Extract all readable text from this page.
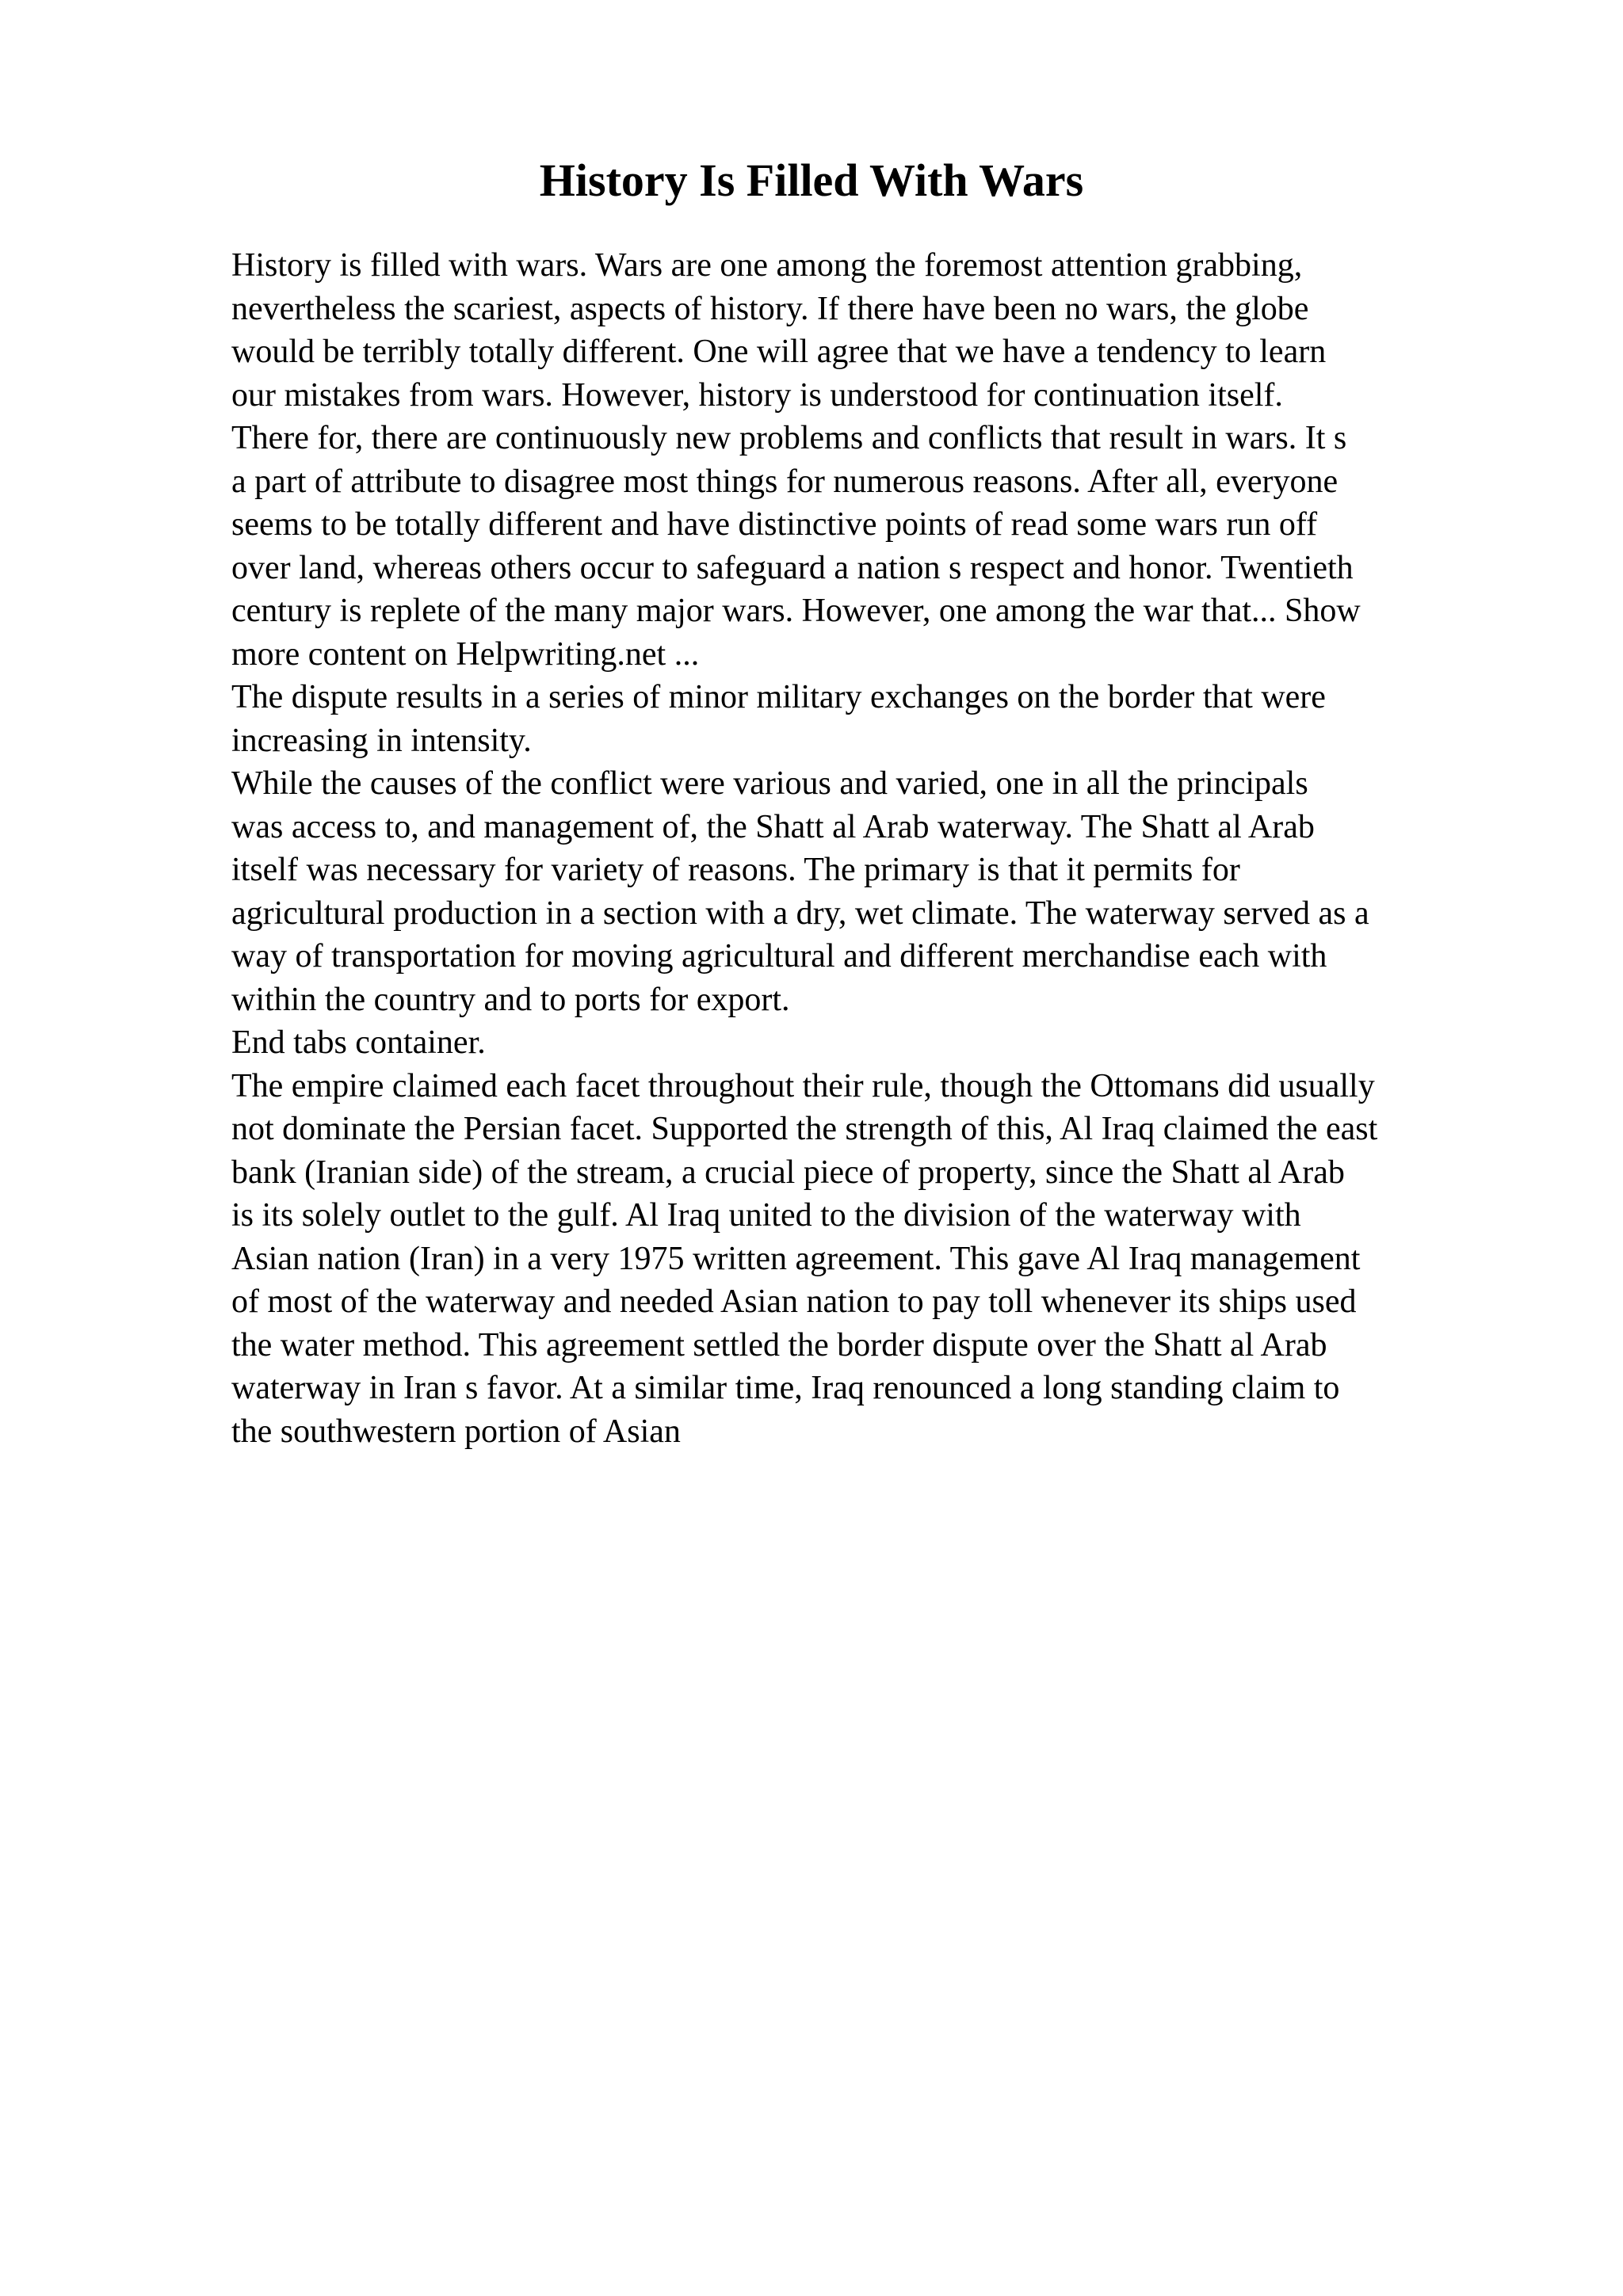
History Is Filled With Wars
History is filled with wars. Wars are one among the foremost attention grabbing,
nevertheless the scariest, aspects of history. If there have been no wars, the globe
would be terribly totally different. One will agree that we have a tendency to learn
our mistakes from wars. However, history is understood for continuation itself.
There for, there are continuously new problems and conflicts that result in wars. It s
a part of attribute to disagree most things for numerous reasons. After all, everyone
seems to be totally different and have distinctive points of read some wars run off
over land, whereas others occur to safeguard a nation s respect and honor. Twentieth
century is replete of the many major wars. However, one among the war that... Show
more content on Helpwriting.net ...
The dispute results in a series of minor military exchanges on the border that were
increasing in intensity.
While the causes of the conflict were various and varied, one in all the principals
was access to, and management of, the Shatt al Arab waterway. The Shatt al Arab
itself was necessary for variety of reasons. The primary is that it permits for
agricultural production in a section with a dry, wet climate. The waterway served as a
way of transportation for moving agricultural and different merchandise each with
within the country and to ports for export.
End tabs container.
The empire claimed each facet throughout their rule, though the Ottomans did usually
not dominate the Persian facet. Supported the strength of this, Al Iraq claimed the east
bank (Iranian side) of the stream, a crucial piece of property, since the Shatt al Arab
is its solely outlet to the gulf. Al Iraq united to the division of the waterway with
Asian nation (Iran) in a very 1975 written agreement. This gave Al Iraq management
of most of the waterway and needed Asian nation to pay toll whenever its ships used
the water method. This agreement settled the border dispute over the Shatt al Arab
waterway in Iran s favor. At a similar time, Iraq renounced a long standing claim to
the southwestern portion of Asian
